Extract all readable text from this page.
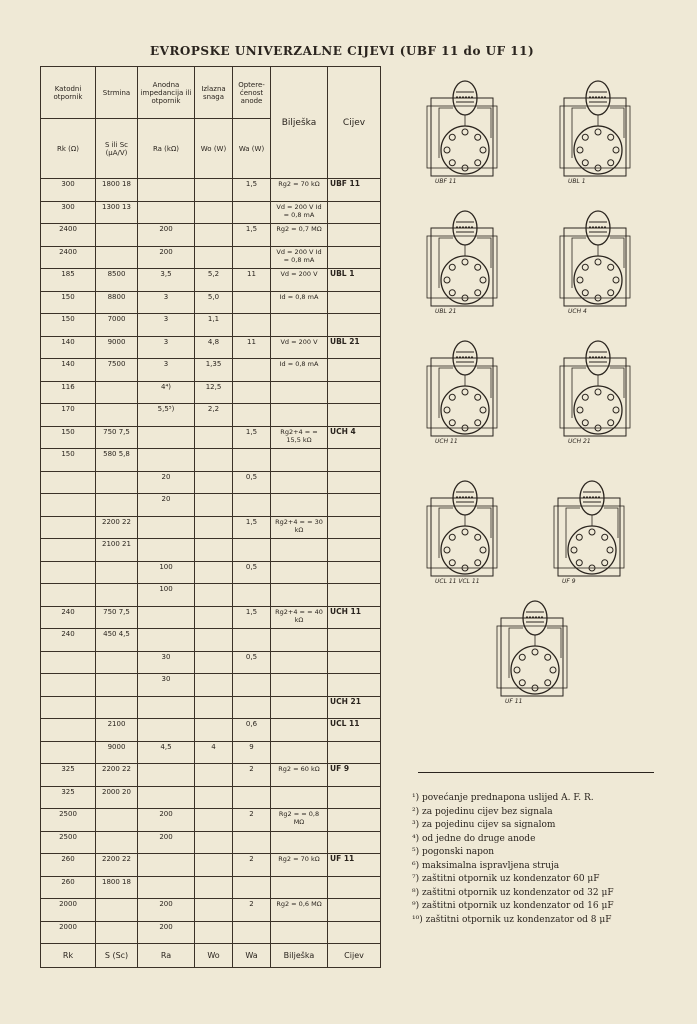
EVROPSKE UNIVERZALNE CIJEVI (UBF 11 do UF 11)
Katodni otpornik	Strmina	Anodna impedancija ili otpornik	Izlazna snaga	Optere-ćenost anode	Bilješka	Cijev
Rk (Ω)	S ili Sc (μA/V)	Ra (kΩ)	Wo (W)	Wa (W)		
300	1800 18			1,5	Rg2 = 70 kΩ	UBF 11
300	1300 13				Vd = 200 V Id = 0,8 mA	
2400		200		1,5	Rg2 = 0,7 MΩ	
2400		200			Vd = 200 V Id = 0,8 mA	
185	8500	3,5	5,2	11	Vd = 200 V	UBL 1
150	8800	3	5,0		Id = 0,8 mA	
150	7000	3	1,1			
140	9000	3	4,8	11	Vd = 200 V	UBL 21
140	7500	3	1,35		Id = 0,8 mA	
116		4⁴)	12,5			
170		5,5⁵)	2,2			
150	750 7,5			1,5	Rg2+4 = = 15,5 kΩ	UCH 4
150	580 5,8					
		20		0,5		
		20				
	2200 22			1,5	Rg2+4 = = 30 kΩ	
	2100 21					
		100		0,5		
		100				
240	750 7,5			1,5	Rg2+4 = = 40 kΩ	UCH 11
240	450 4,5					
		30		0,5		
		30				
						UCH 21
	2100			0,6		UCL 11
	9000	4,5	4	9		
325	2200 22			2	Rg2 = 60 kΩ	UF 9
325	2000 20					
2500		200		2	Rg2 = = 0,8 MΩ	
2500		200				
260	2200 22			2	Rg2 = 70 kΩ	UF 11
260	1800 18					
2000		200		2	Rg2 = 0,6 MΩ	
2000		200				
Rk	S (Sc)	Ra	Wo	Wa	Bilješka	Cijev
UBF 11	UBL 1
UBL 21	UCH 4
UCH 11	UCH 21
UCL 11 VCL 11	UF 9
UF 11
¹) povećanje prednapona uslijed A. F. R.
²) za pojedinu cijev bez signala
³) za pojedinu cijev sa signalom
⁴) od jedne do druge anode
⁵) pogonski napon
⁶) maksimalna ispravljena struja
⁷) zaštitni otpornik uz kondenzator 60 μF
⁸) zaštitni otpornik uz kondenzator od 32 μF
⁹) zaštitni otpornik uz kondenzator od 16 μF
¹⁰) zaštitni otpornik uz kondenzator od 8 μF
